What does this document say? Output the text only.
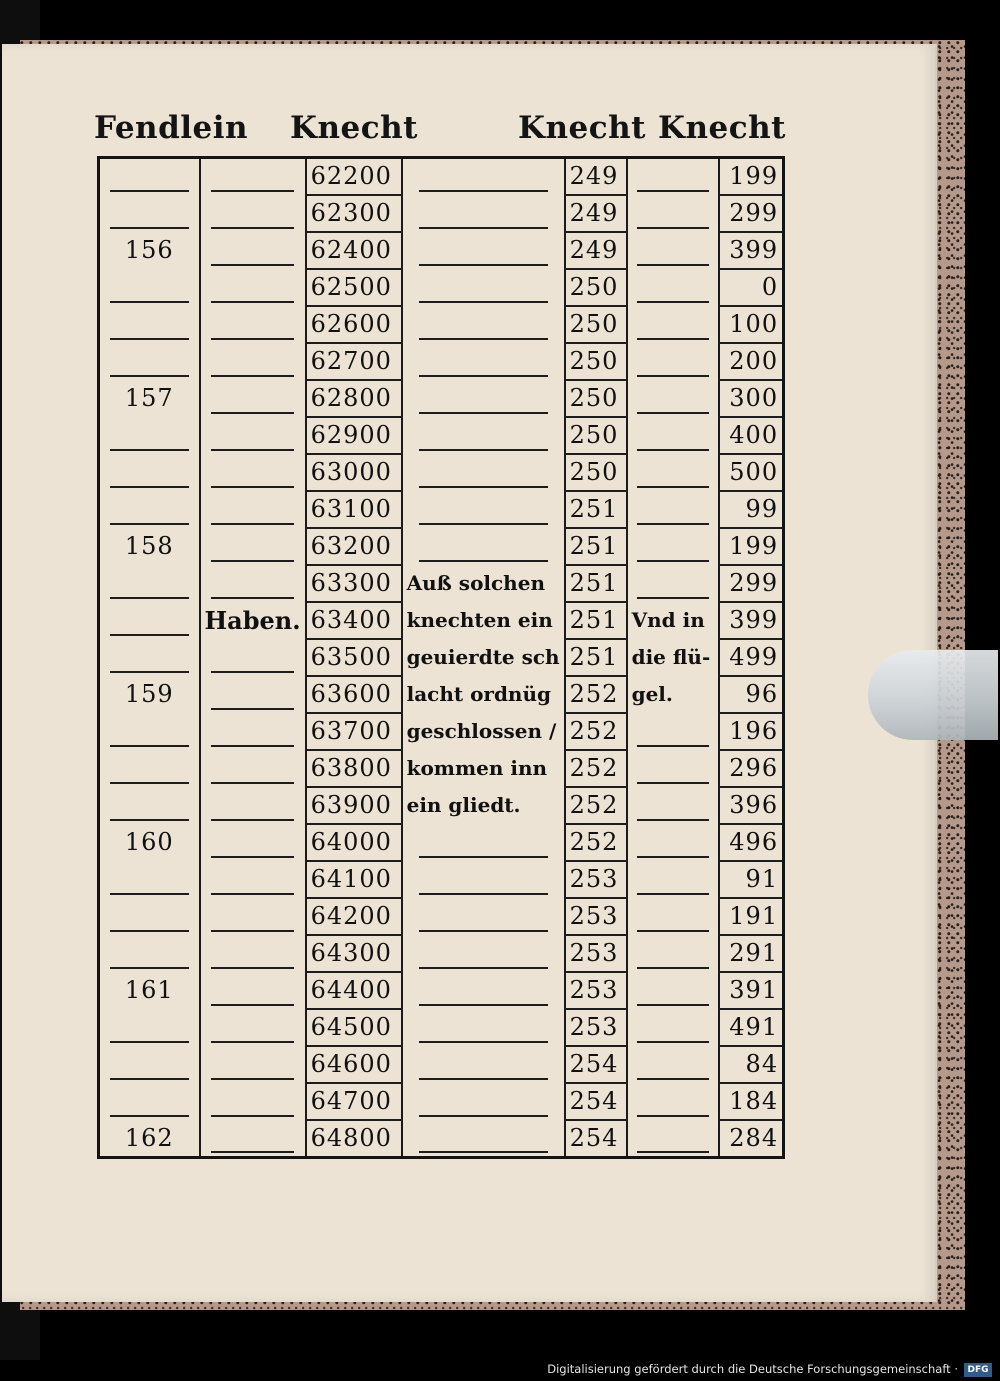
Fendlein Knecht	Knecht Knecht
		62200		249		199
		62300		249		299
156		62400		249		399
		62500		250		0
		62600		250		100
		62700		250		200
157		62800		250		300
		62900		250		400
		63000		250		500
		63100		251		99
158		63200		251		199
		63300	Auß solchen	251		299
	Haben.	63400	knechten ein	251	Vnd in	399
		63500	geuierdte sch	251	die flü-	499
159		63600	lacht ordnüg	252	gel.	96
		63700	geschlossen /	252		196
		63800	kommen inn	252		296
		63900	ein gliedt.	252		396
160		64000		252		496
		64100		253		91
		64200		253		191
		64300		253		291
161		64400		253		391
		64500		253		491
		64600		254		84
		64700		254		184
162		64800		254		284
Digitalisierung gefördert durch die Deutsche Forschungsgemeinschaft ·	DFG
